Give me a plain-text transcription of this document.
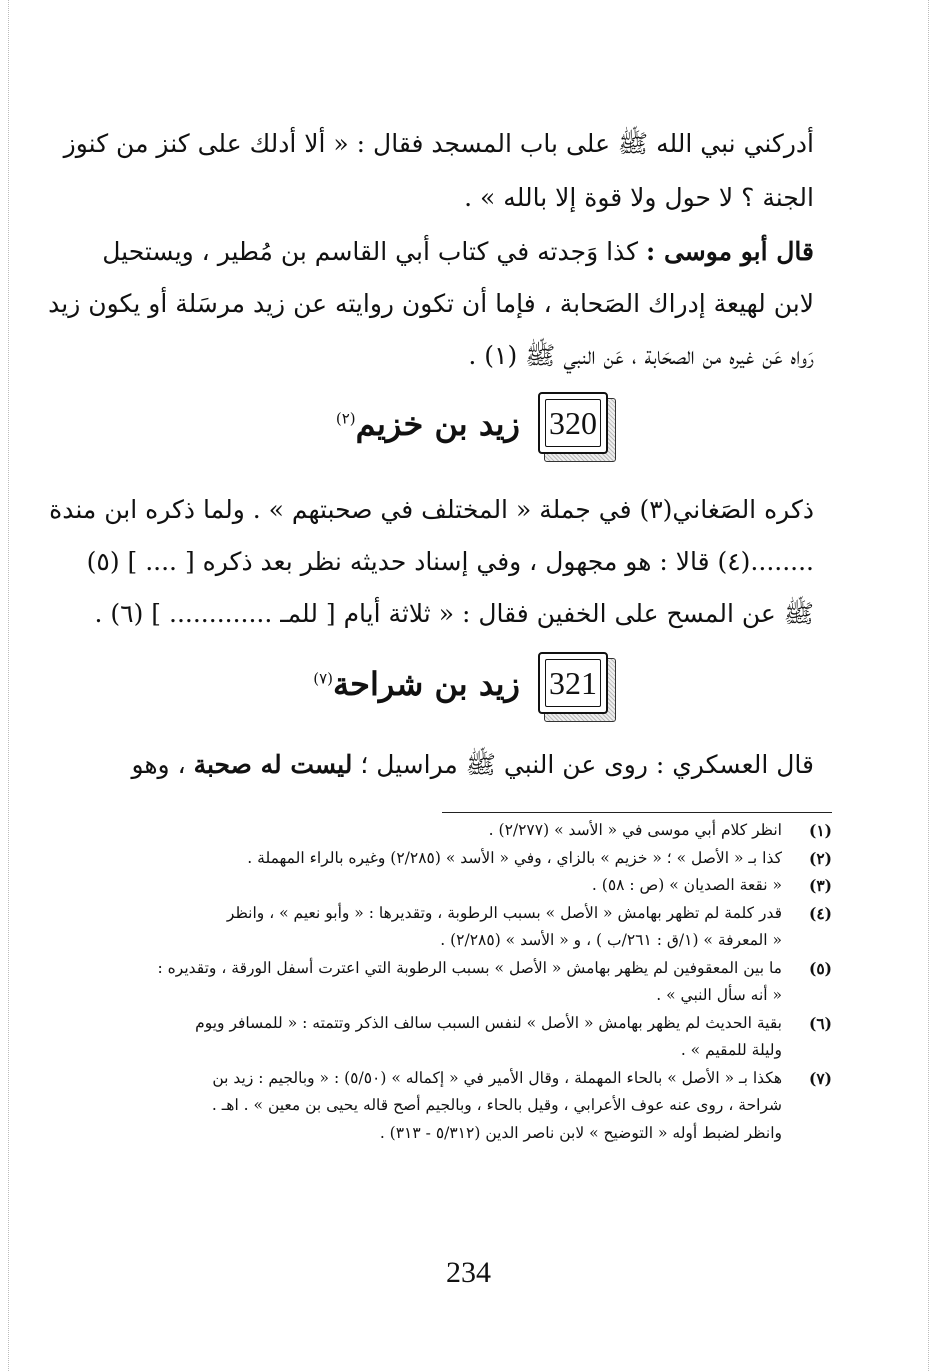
أدركني نبي الله ﷺ على باب المسجد فقال : « ألا أدلك على كنز من كنوز
الجنة ؟ لا حول ولا قوة إلا بالله » .
قال أبو موسى : كذا وَجدته في كتاب أبي القاسم بن مُطير ، ويستحيل
لابن لهيعة إدراك الصَحابة ، فإما أن تكون روايته عن زيد مرسَلة أو يكون زيد
رَواه عَن غيره من الصحَابة ، عَن النبي ﷺ (١) .
320
زيد بن خزيم$^{(٢)}$
ذكره الصَغاني(٣) في جملة « المختلف في صحبتهم » . ولما ذكره ابن مندة
........(٤) قالا : هو مجهول ، وفي إسناد حديثه نظر بعد ذكره [ .... ] (٥)
ﷺ عن المسح على الخفين فقال : « ثلاثة أيام [ للمـ ............. ] (٦) .
321
زيد بن شراحة$^{(٧)}$
قال العسكري : روى عن النبي ﷺ مراسيل ؛ ليست له صحبة ، وهو
(١)
انظر كلام أبي موسى في « الأسد » (٢/٢٧٧) .
(٢)
كذا بـ « الأصل » ؛ « خزيم » بالزاي ، وفي « الأسد » (٢/٢٨٥) وغيره بالراء المهملة .
(٣)
« نقعة الصديان » (ص : ٥٨) .
(٤)
قدر كلمة لم تظهر بهامش « الأصل » بسبب الرطوبة ، وتقديرها : « وأبو نعيم » ، وانظر
« المعرفة » (١/ق : ٢٦١/ب ) ، و « الأسد » (٢/٢٨٥) .
(٥)
ما بين المعقوفين لم يظهر بهامش « الأصل » بسبب الرطوبة التي اعترت أسفل الورقة ، وتقديره :
« أنه سأل النبي » .
(٦)
بقية الحديث لم يظهر بهامش « الأصل » لنفس السبب سالف الذكر وتتمته : « للمسافر ويوم
وليلة للمقيم » .
(٧)
هكذا بـ « الأصل » بالحاء المهملة ، وقال الأمير في « إكماله » (٥/٥٠) : « وبالجيم : زيد بن
شراحة ، روى عنه عوف الأعرابي ، وقيل بالحاء ، وبالجيم أصح قاله يحيى بن معين » . اهـ .
وانظر لضبط أوله « التوضيح » لابن ناصر الدين (٥/٣١٢ - ٣١٣) .
234
